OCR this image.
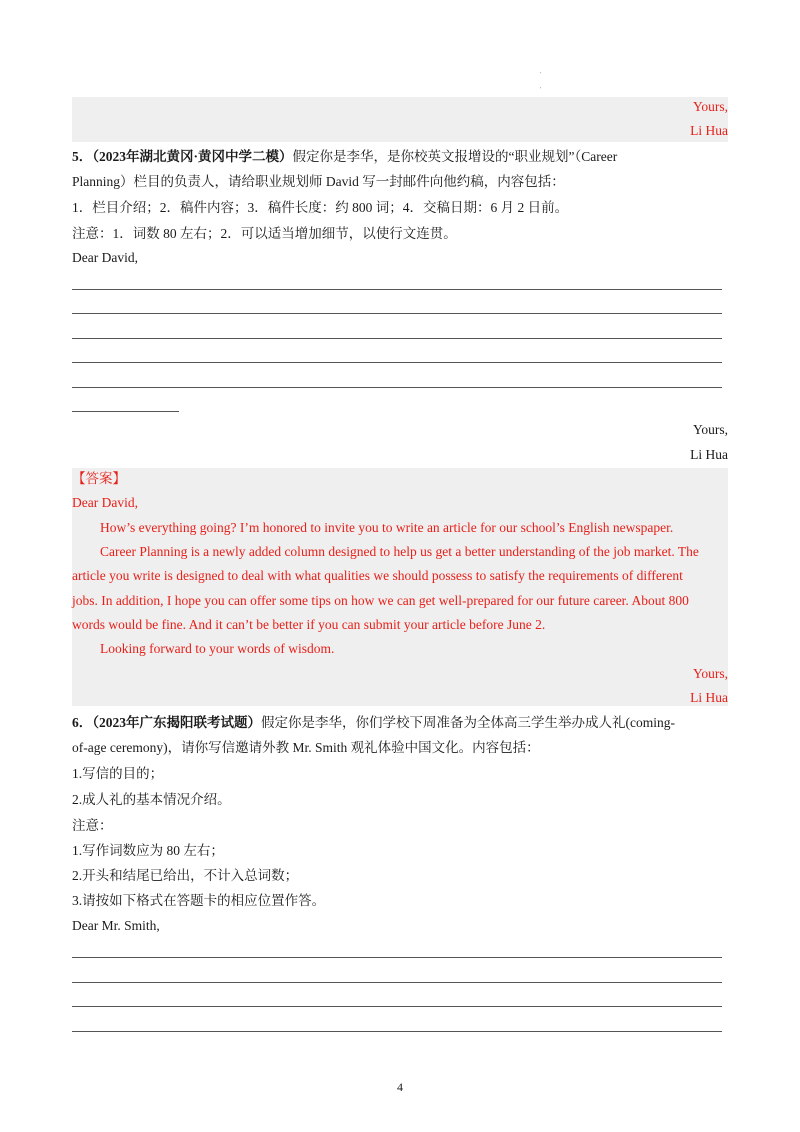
'
'
Yours,
Li Hua
5．（2023年湖北黄冈·黄冈中学二模）假定你是李华，是你校英文报增设的“职业规划”（Career
Planning）栏目的负责人，请给职业规划师 David 写一封邮件向他约稿，内容包括：
1．栏目介绍；2．稿件内容；3．稿件长度：约 800 词；4．交稿日期：6 月 2 日前。
注意：1．词数 80 左右；2．可以适当增加细节，以使行文连贯。
Dear David,
Yours,
Li Hua
【答案】
Dear David,
How’s everything going? I’m honored to invite you to write an article for our school’s English newspaper.
Career Planning is a newly added column designed to help us get a better understanding of the job market. The
article you write is designed to deal with what qualities we should possess to satisfy the requirements of different
jobs. In addition, I hope you can offer some tips on how we can get well-prepared for our future career. About 800
words would be fine. And it can’t be better if you can submit your article before June 2.
Looking forward to your words of wisdom.
Yours,
Li Hua
6．（2023年广东揭阳联考试题）假定你是李华，你们学校下周准备为全体高三学生举办成人礼(coming-
of-age ceremony)，请你写信邀请外教 Mr. Smith 观礼体验中国文化。内容包括：
1.写信的目的；
2.成人礼的基本情况介绍。
注意：
1.写作词数应为 80 左右；
2.开头和结尾已给出，不计入总词数；
3.请按如下格式在答题卡的相应位置作答。
Dear Mr. Smith,
4
